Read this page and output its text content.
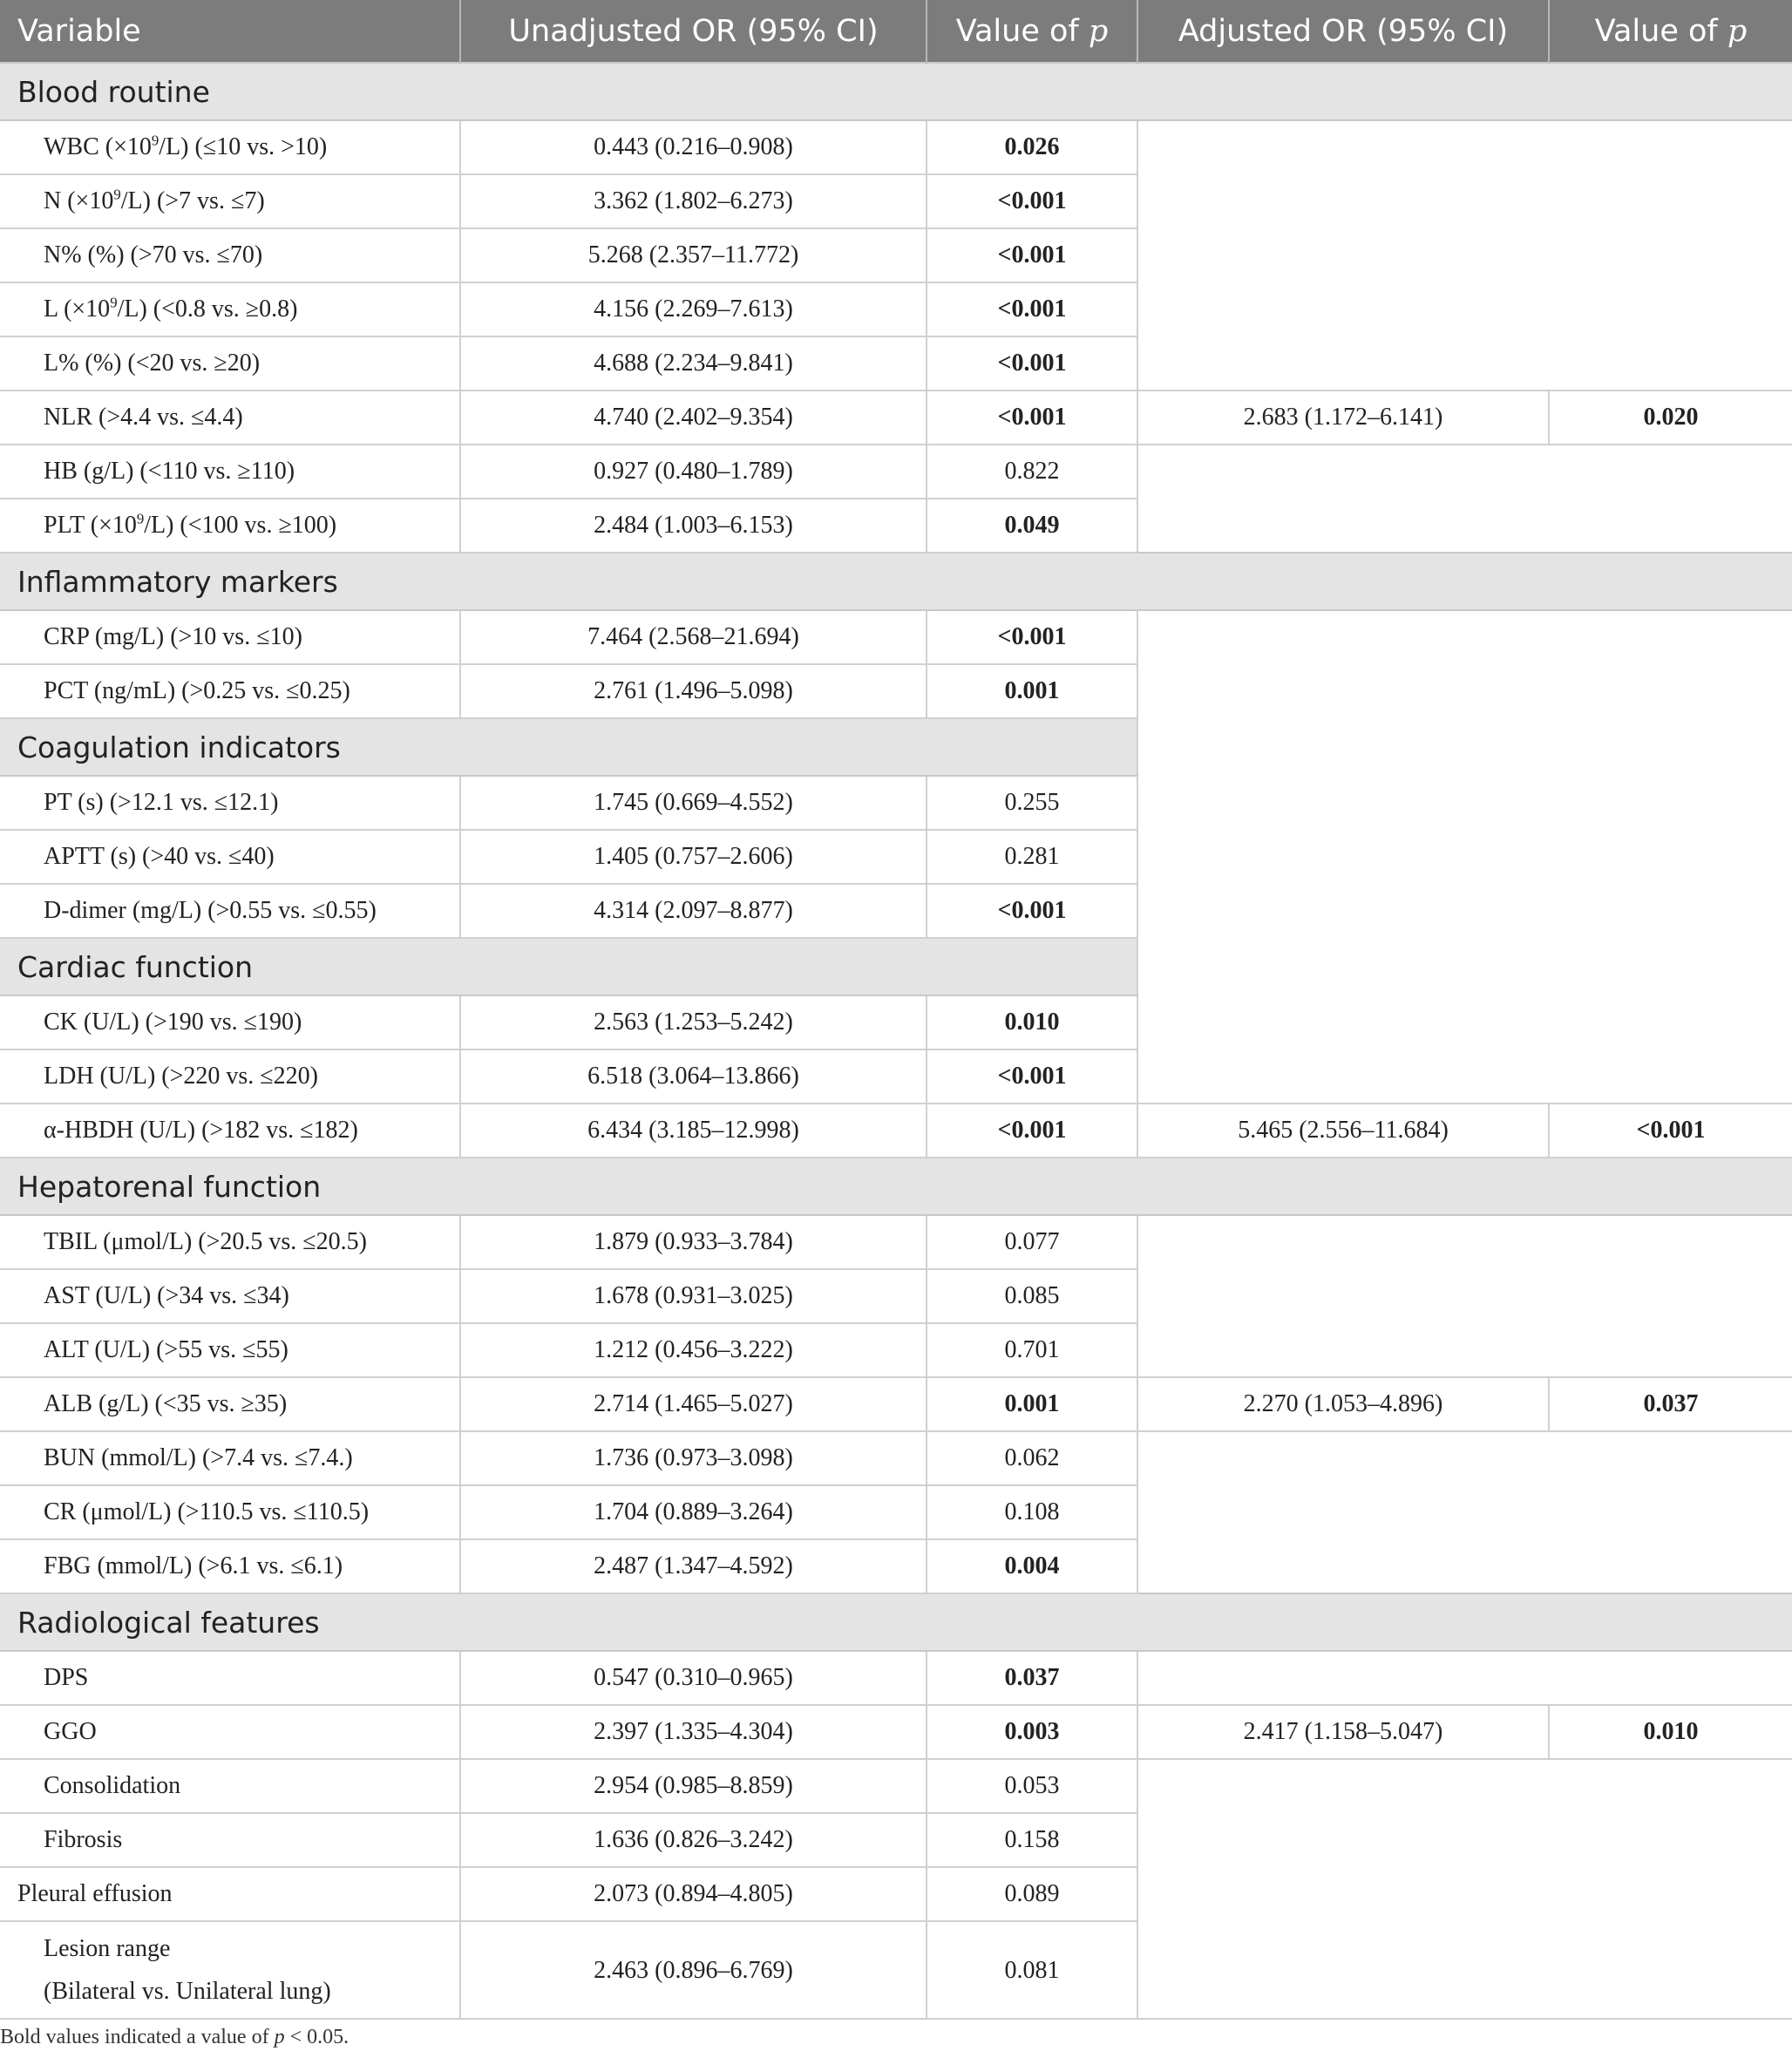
Variable	Unadjusted OR (95% CI)	Value of p	Adjusted OR (95% CI)	Value of p
Blood routine				
WBC $(\times 10^9/L)$ (≤10 vs. >10)	0.443 (0.216–0.908)	0.026		
N $(\times 10^9/L)$ (>7 vs. ≤7)	3.362 (1.802–6.273)	<0.001		
N% (%) (>70 vs. ≤70)	5.268 (2.357–11.772)	<0.001		
L $(\times 10^9/L)$ (<0.8 vs. ≥0.8)	4.156 (2.269–7.613)	<0.001		
L% (%) (<20 vs. ≥20)	4.688 (2.234–9.841)	<0.001		
NLR (>4.4 vs. ≤4.4)	4.740 (2.402–9.354)	<0.001	2.683 (1.172–6.141)	0.020
HB (g/L) (<110 vs. ≥110)	0.927 (0.480–1.789)	0.822		
PLT $(\times 10^9/L)$ (<100 vs. ≥100)	2.484 (1.003–6.153)	0.049		
Inflammatory markers				
CRP (mg/L) (>10 vs. ≤10)	7.464 (2.568–21.694)	<0.001		
PCT (ng/mL) (>0.25 vs. ≤0.25)	2.761 (1.496–5.098)	0.001		
Coagulation indicators				
PT (s) (>12.1 vs. ≤12.1)	1.745 (0.669–4.552)	0.255		
APTT (s) (>40 vs. ≤40)	1.405 (0.757–2.606)	0.281		
D-dimer (mg/L) (>0.55 vs. ≤0.55)	4.314 (2.097–8.877)	<0.001		
Cardiac function				
CK (U/L) (>190 vs. ≤190)	2.563 (1.253–5.242)	0.010		
LDH (U/L) (>220 vs. ≤220)	6.518 (3.064–13.866)	<0.001		
α-HBDH (U/L) (>182 vs. ≤182)	6.434 (3.185–12.998)	<0.001	5.465 (2.556–11.684)	<0.001
Hepatorenal function				
TBIL (μmol/L) (>20.5 vs. ≤20.5)	1.879 (0.933–3.784)	0.077		
AST (U/L) (>34 vs. ≤34)	1.678 (0.931–3.025)	0.085		
ALT (U/L) (>55 vs. ≤55)	1.212 (0.456–3.222)	0.701		
ALB (g/L) (<35 vs. ≥35)	2.714 (1.465–5.027)	0.001	2.270 (1.053–4.896)	0.037
BUN (mmol/L) (>7.4 vs. ≤7.4.)	1.736 (0.973–3.098)	0.062		
CR (μmol/L) (>110.5 vs. ≤110.5)	1.704 (0.889–3.264)	0.108		
FBG (mmol/L) (>6.1 vs. ≤6.1)	2.487 (1.347–4.592)	0.004		
Radiological features				
DPS	0.547 (0.310–0.965)	0.037		
GGO	2.397 (1.335–4.304)	0.003	2.417 (1.158–5.047)	0.010
Consolidation	2.954 (0.985–8.859)	0.053		
Fibrosis	1.636 (0.826–3.242)	0.158		
Pleural effusion	2.073 (0.894–4.805)	0.089		
Lesion range
(Bilateral vs. Unilateral lung)	2.463 (0.896–6.769)	0.081		
Bold values indicated a value of p < 0.05.
